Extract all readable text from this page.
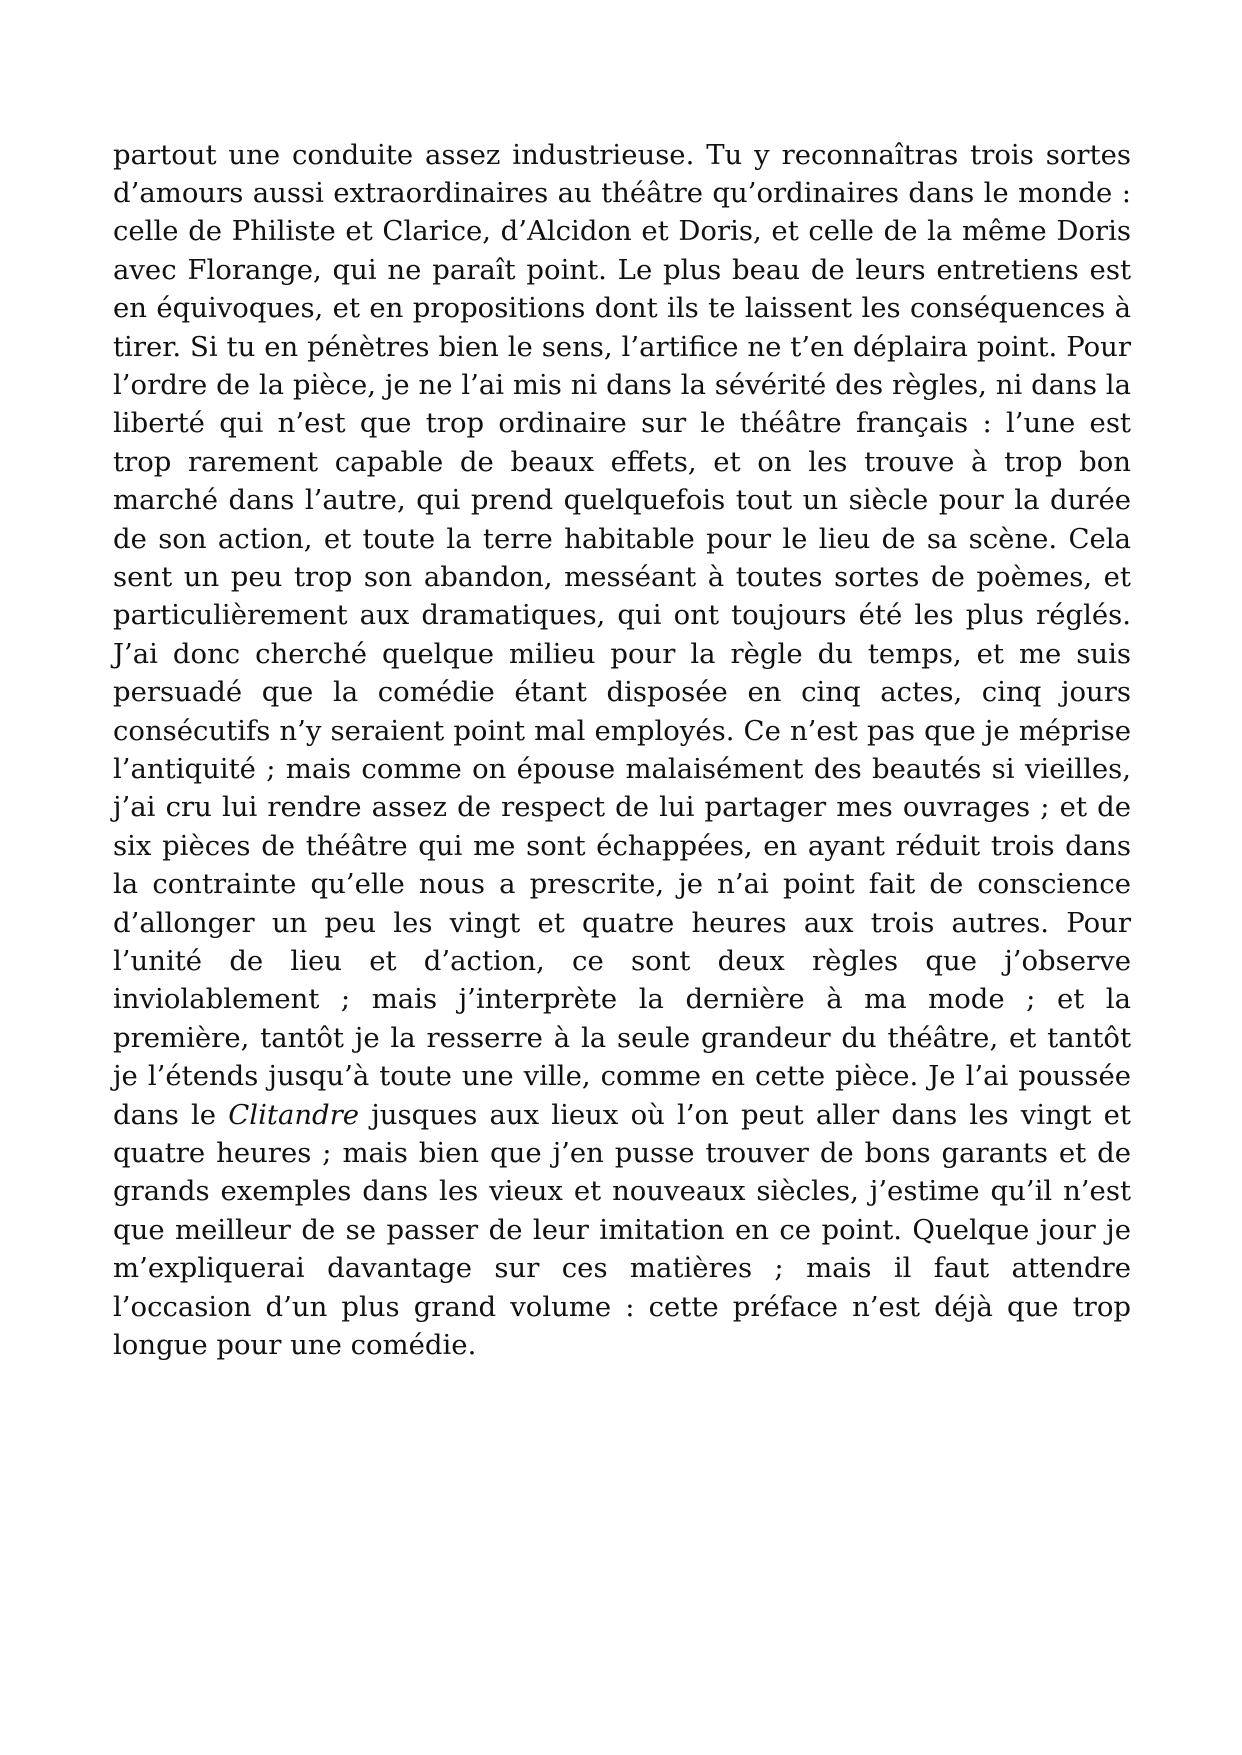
partout une conduite assez industrieuse. Tu y reconnaîtras trois sortes d’amours aussi extraordinaires au théâtre qu’ordinaires dans le monde : celle de Philiste et Clarice, d’Alcidon et Doris, et celle de la même Doris avec Florange, qui ne paraît point. Le plus beau de leurs entretiens est en équivoques, et en propositions dont ils te laissent les conséquences à tirer. Si tu en pénètres bien le sens, l’artifice ne t’en déplaira point. Pour l’ordre de la pièce, je ne l’ai mis ni dans la sévérité des règles, ni dans la liberté qui n’est que trop ordinaire sur le théâtre français : l’une est trop rarement capable de beaux effets, et on les trouve à trop bon marché dans l’autre, qui prend quelquefois tout un siècle pour la durée de son action, et toute la terre habitable pour le lieu de sa scène. Cela sent un peu trop son abandon, messéant à toutes sortes de poèmes, et particulièrement aux dramatiques, qui ont toujours été les plus réglés. J’ai donc cherché quelque milieu pour la règle du temps, et me suis persuadé que la comédie étant disposée en cinq actes, cinq jours consécutifs n’y seraient point mal employés. Ce n’est pas que je méprise l’antiquité ; mais comme on épouse malaisément des beautés si vieilles, j’ai cru lui rendre assez de respect de lui partager mes ouvrages ; et de six pièces de théâtre qui me sont échappées, en ayant réduit trois dans la contrainte qu’elle nous a prescrite, je n’ai point fait de conscience d’allonger un peu les vingt et quatre heures aux trois autres. Pour l’unité de lieu et d’action, ce sont deux règles que j’observe inviolablement ; mais j’interprète la dernière à ma mode ; et la première, tantôt je la resserre à la seule grandeur du théâtre, et tantôt je l’étends jusqu’à toute une ville, comme en cette pièce. Je l’ai poussée dans le Clitandre jusques aux lieux où l’on peut aller dans les vingt et quatre heures ; mais bien que j’en pusse trouver de bons garants et de grands exemples dans les vieux et nouveaux siècles, j’estime qu’il n’est que meilleur de se passer de leur imitation en ce point. Quelque jour je m’expliquerai davantage sur ces matières ; mais il faut attendre l’occasion d’un plus grand volume : cette préface n’est déjà que trop longue pour une comédie.
